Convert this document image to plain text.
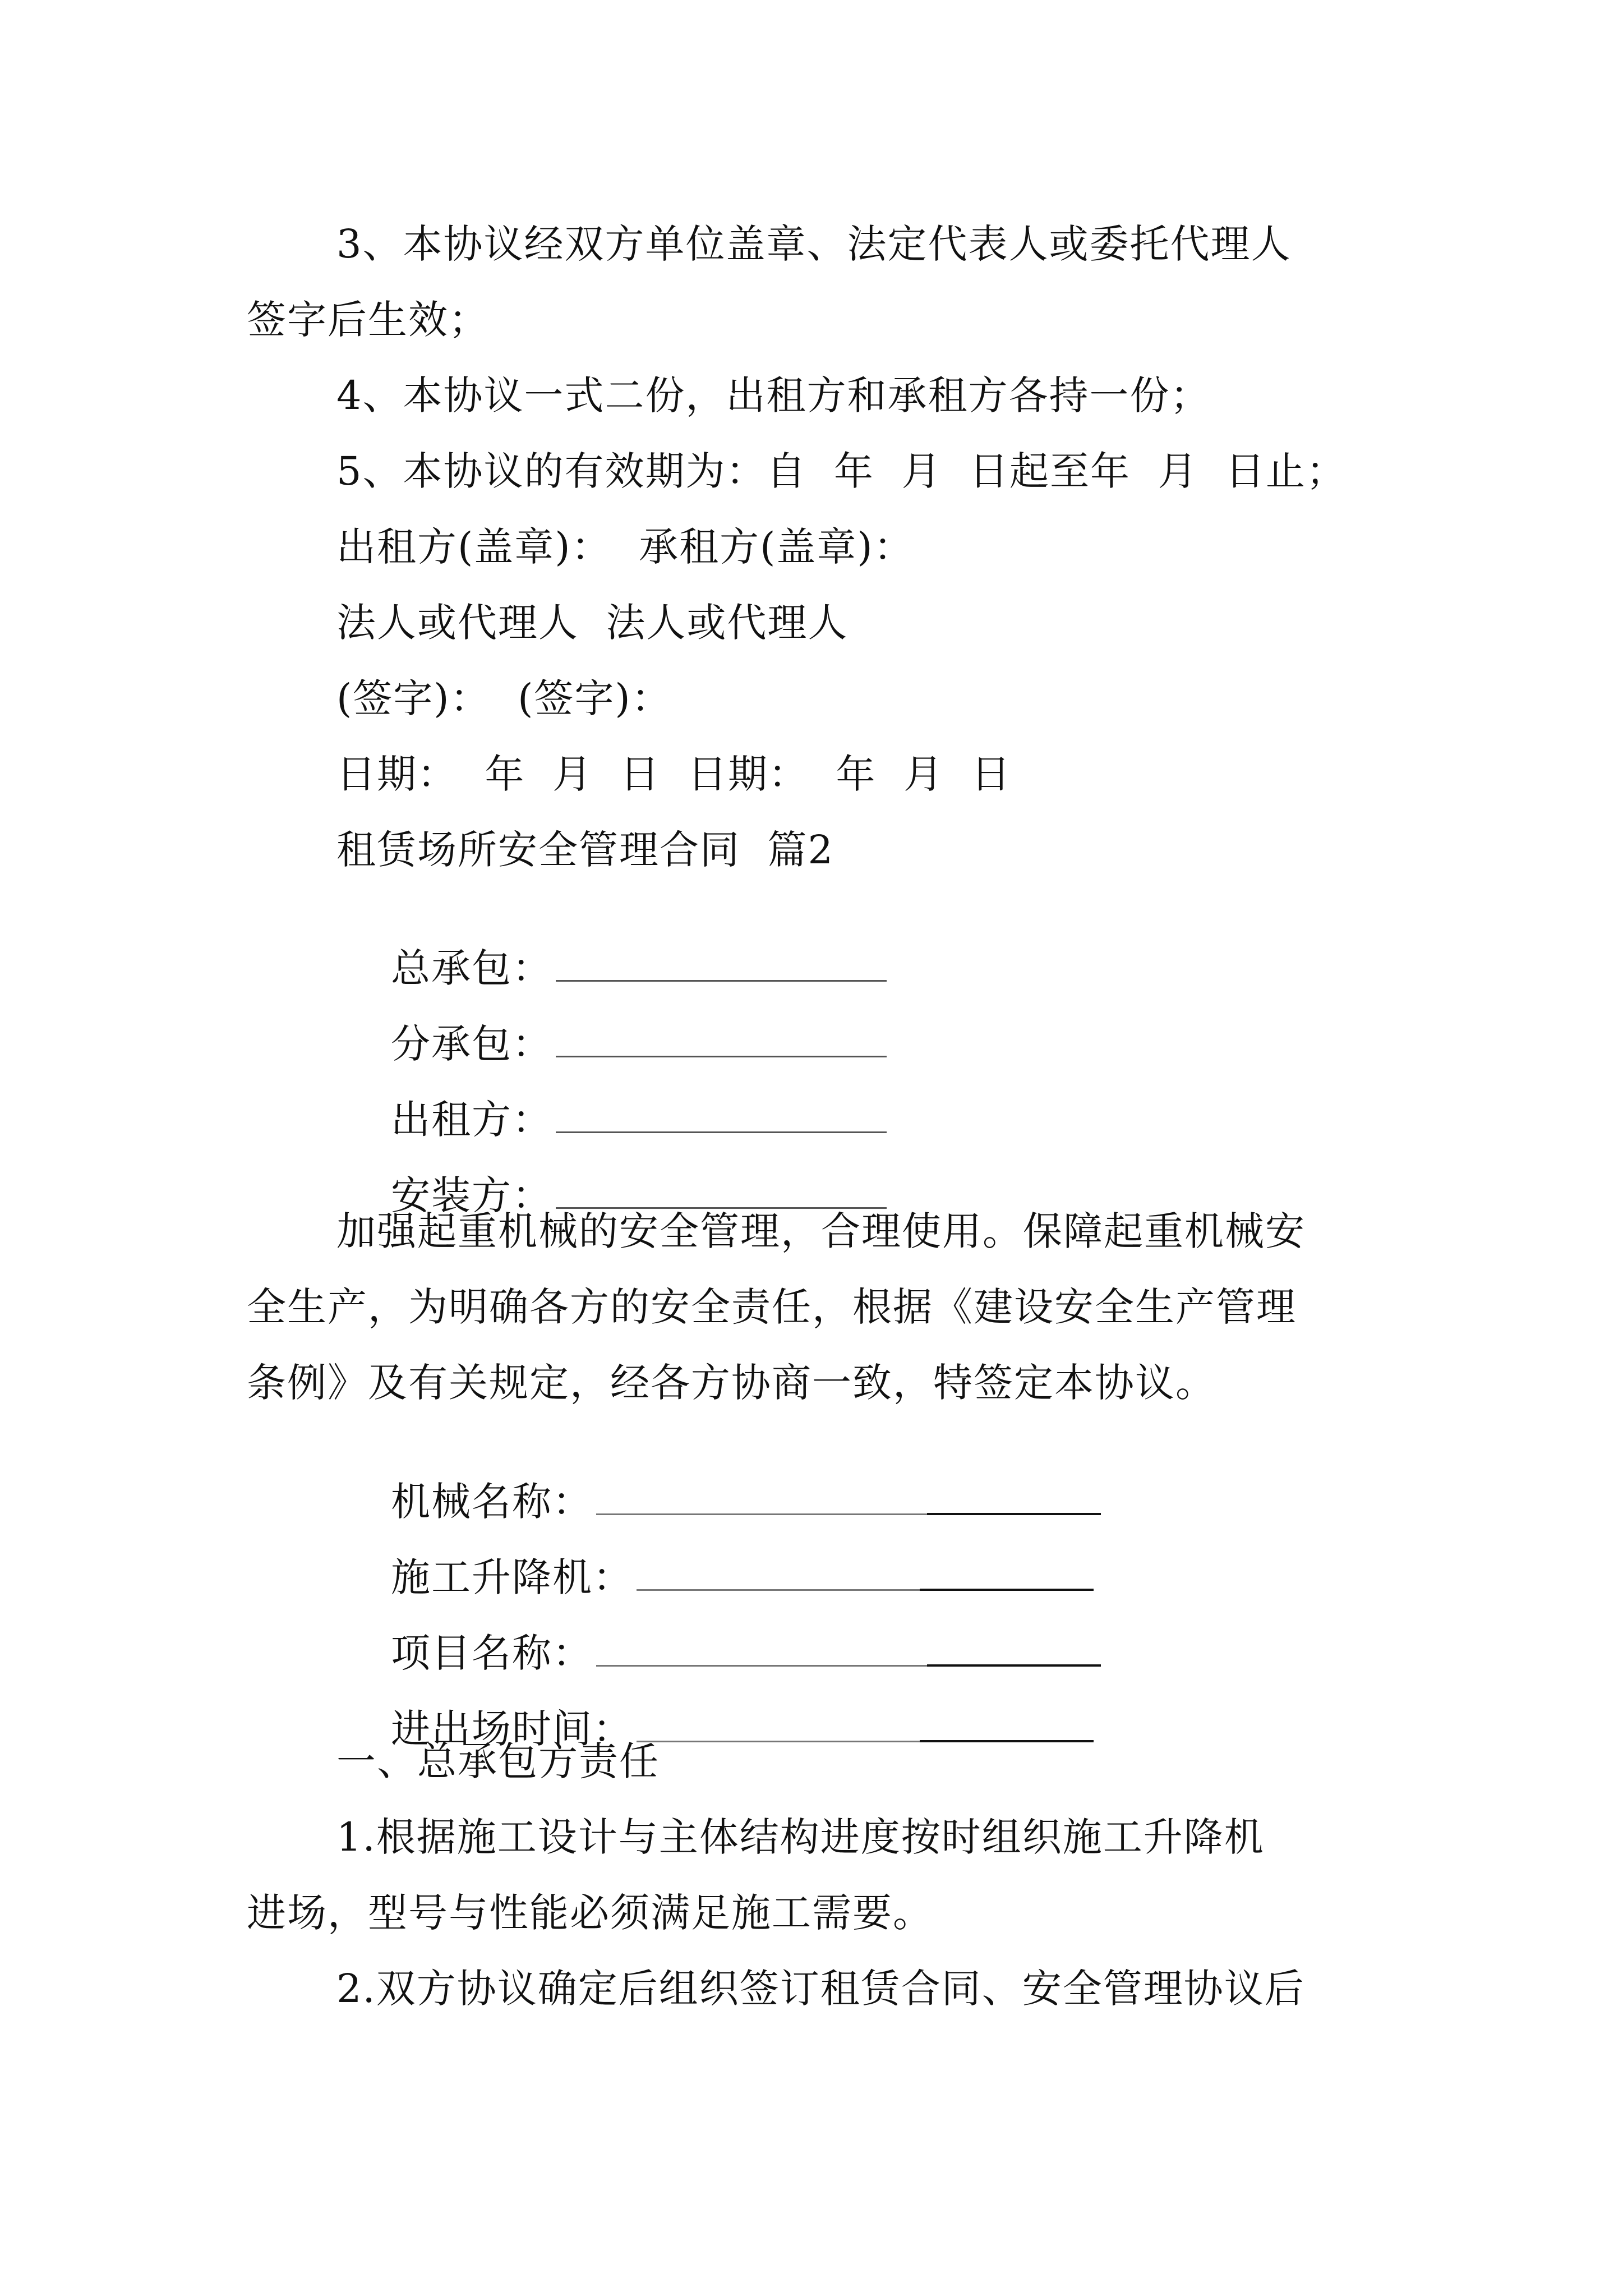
3、本协议经双方单位盖章、法定代表人或委托代理人
签字后生效；
4、本协议一式二份，出租方和承租方各持一份；
5、本协议的有效期为：自  年  月  日起至年  月  日止；
出租方(盖章)：  承租方(盖章)：
法人或代理人  法人或代理人
(签字)：  (签字)：
日期：  年  月  日  日期：  年  月  日
租赁场所安全管理合同  篇2

总承包：

分承包：

出租方：

安装方：

加强起重机械的安全管理，合理使用。保障起重机械安
全生产，为明确各方的安全责任，根据《建设安全生产管理
条例》及有关规定，经各方协商一致，特签定本协议。

机械名称：

施工升降机：

项目名称：

进出场时间：

一、总承包方责任
1.根据施工设计与主体结构进度按时组织施工升降机
进场，型号与性能必须满足施工需要。
2.双方协议确定后组织签订租赁合同、安全管理协议后
